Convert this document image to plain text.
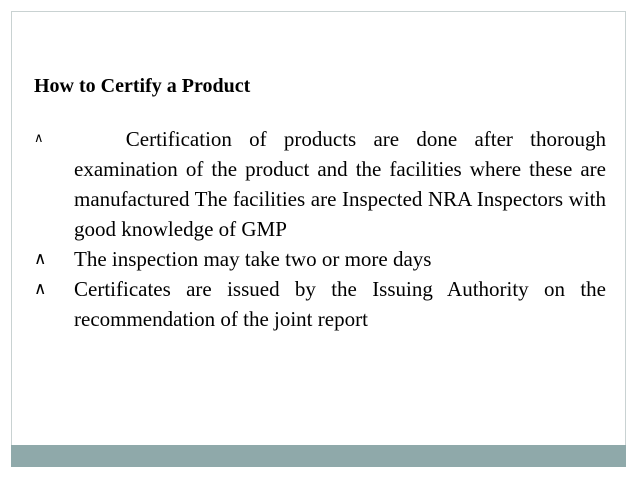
How to Certify a Product
∧	Certification of products are done after thorough examination of the product and the facilities where these are manufactured The facilities are Inspected NRA Inspectors with good knowledge of GMP
∧	The inspection may take two or more days
∧	Certificates are issued by the Issuing Authority on the recommendation of the joint report
